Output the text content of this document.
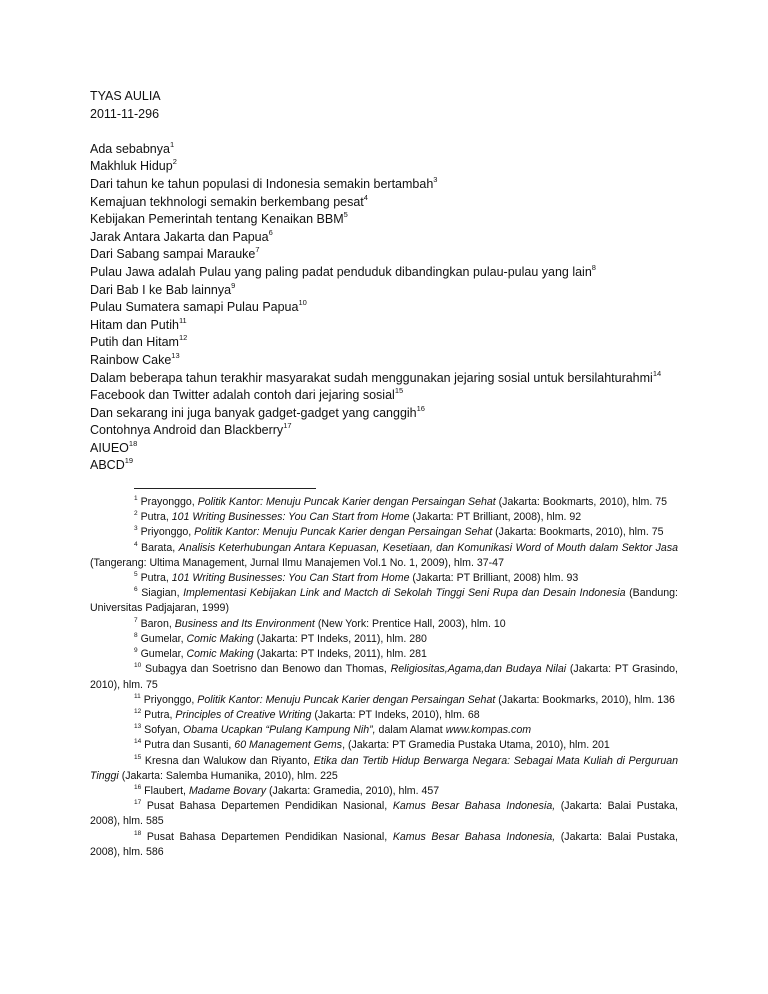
TYAS AULIA
2011-11-296
Ada sebabnya$^1$
Makhluk Hidup$^2$
Dari tahun ke tahun populasi di Indonesia semakin bertambah$^3$
Kemajuan tekhnologi semakin berkembang pesat$^4$
Kebijakan Pemerintah tentang Kenaikan BBM$^5$
Jarak Antara Jakarta dan Papua$^6$
Dari Sabang sampai Marauke$^7$
Pulau Jawa adalah Pulau yang paling padat penduduk dibandingkan pulau-pulau yang lain$^8$
Dari Bab I ke Bab lainnya$^9$
Pulau Sumatera samapi Pulau Papua$^{10}$
Hitam dan Putih$^{11}$
Putih dan Hitam$^{12}$
Rainbow Cake$^{13}$
Dalam beberapa tahun terakhir masyarakat sudah menggunakan jejaring sosial untuk bersilahturahmi$^{14}$
Facebook dan Twitter adalah contoh dari jejaring sosial$^{15}$
Dan sekarang ini juga banyak gadget-gadget yang canggih$^{16}$
Contohnya Android dan Blackberry$^{17}$
AIUEO$^{18}$
ABCD$^{19}$
$^1$ Prayonggo, Politik Kantor: Menuju Puncak Karier dengan Persaingan Sehat (Jakarta: Bookmarts, 2010), hlm. 75
$^2$ Putra, 101 Writing Businesses: You Can Start from Home (Jakarta: PT Brilliant, 2008), hlm. 92
$^3$ Priyonggo, Politik Kantor: Menuju Puncak Karier dengan Persaingan Sehat (Jakarta: Bookmarts, 2010), hlm. 75
$^4$ Barata, Analisis Keterhubungan Antara Kepuasan, Kesetiaan, dan Komunikasi Word of Mouth dalam Sektor Jasa (Tangerang: Ultima Management, Jurnal Ilmu Manajemen Vol.1 No. 1, 2009), hlm. 37-47
$^5$ Putra, 101 Writing Businesses: You Can Start from Home (Jakarta: PT Brilliant, 2008) hlm. 93
$^6$ Siagian, Implementasi Kebijakan Link and Mactch di Sekolah Tinggi Seni Rupa dan Desain Indonesia (Bandung: Universitas Padjajaran, 1999)
$^7$ Baron, Business and Its Environment (New York: Prentice Hall, 2003), hlm. 10
$^8$ Gumelar, Comic Making (Jakarta: PT Indeks, 2011), hlm. 280
$^9$ Gumelar, Comic Making (Jakarta: PT Indeks, 2011), hlm. 281
$^{10}$ Subagya dan Soetrisno dan Benowo dan Thomas, Religiositas,Agama,dan Budaya Nilai (Jakarta: PT Grasindo, 2010), hlm. 75
$^{11}$ Priyonggo, Politik Kantor: Menuju Puncak Karier dengan Persaingan Sehat (Jakarta: Bookmarks, 2010), hlm. 136
$^{12}$ Putra, Principles of Creative Writing (Jakarta: PT Indeks, 2010), hlm. 68
$^{13}$ Sofyan, Obama Ucapkan “Pulang Kampung Nih”, dalam Alamat www.kompas.com
$^{14}$ Putra dan Susanti, 60 Management Gems, (Jakarta: PT Gramedia Pustaka Utama, 2010), hlm. 201
$^{15}$ Kresna dan Walukow dan Riyanto, Etika dan Tertib Hidup Berwarga Negara: Sebagai Mata Kuliah di Perguruan Tinggi (Jakarta: Salemba Humanika, 2010), hlm. 225
$^{16}$ Flaubert, Madame Bovary (Jakarta: Gramedia, 2010), hlm. 457
$^{17}$ Pusat Bahasa Departemen Pendidikan Nasional, Kamus Besar Bahasa Indonesia, (Jakarta: Balai Pustaka, 2008), hlm. 585
$^{18}$ Pusat Bahasa Departemen Pendidikan Nasional, Kamus Besar Bahasa Indonesia, (Jakarta: Balai Pustaka, 2008), hlm. 586
